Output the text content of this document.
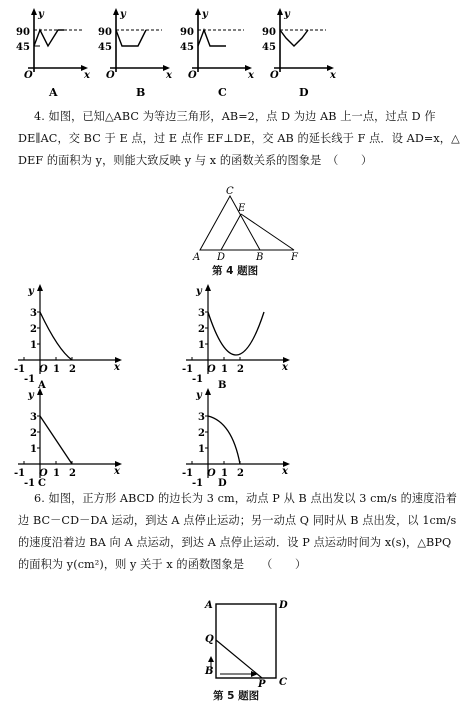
y
90
45
O	x
y
90
45
O	x
y
90
45
O	x
y
90
45
O	x
A	B	C	D
4. 如图，已知△ABC 为等边三角形，AB=2，点 D 为边 AB 上一点，过点 D 作
DE∥AC，交 BC 于 E 点，过 E 点作 EF⊥DE，交 AB 的延长线于 F 点．设 AD=x，△
DEF 的面积为 y，则能大致反映 y 与 x 的函数关系的图象是　（　　）
C
E
A D	B	F
第 4 题图
y
3
2
1
-1 O 1 2
-1
x
A
y
3
2
1
-1 O 1 2
-1
x
B
y
3
2
1
-1 O 1 2
-1
x
y
3
2
1
-1 O 1 2
-1
x
C	D
6. 如图，正方形 ABCD 的边长为 3 cm，动点 P 从 B 点出发以 3 cm/s 的速度沿着
边 BC－CD－DA 运动，到达 A 点停止运动；另一动点 Q 同时从 B 点出发，以 1cm/s
的速度沿着边 BA 向 A 点运动，到达 A 点停止运动．设 P 点运动时间为 x(s)，△BPQ
的面积为 y(cm²)，则 y 关于 x 的函数图象是　　（　　）
A	D
Q
B
P C
第 5 题图
